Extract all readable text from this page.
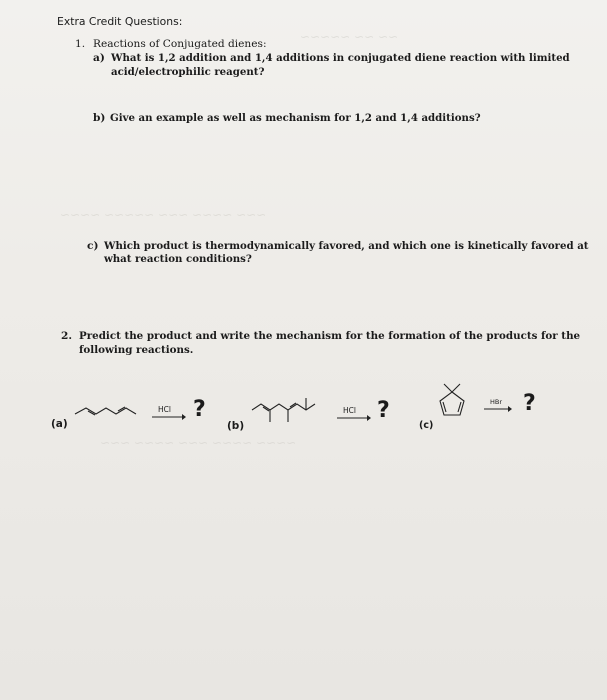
~~ ~~ ~~~~~
~~~ ~~~~ ~~~ ~~~~~ ~~~~
~~~~ ~~~~ ~~~ ~~~~ ~~~
Extra Credit Questions:
1. Reactions of Conjugated dienes:
a) What is 1,2 addition and 1,4 additions in conjugated diene reaction with limited
acid/electrophilic reagent?
b) Give an example as well as mechanism for 1,2 and 1,4 additions?
c) Which product is thermodynamically favored, and which one is kinetically favored at
what reaction conditions?
2. Predict the product and write the mechanism for the formation of the products for the
following reactions.
(a)
HCl ?
(b)
HCl ?
(c)
HBr ?
